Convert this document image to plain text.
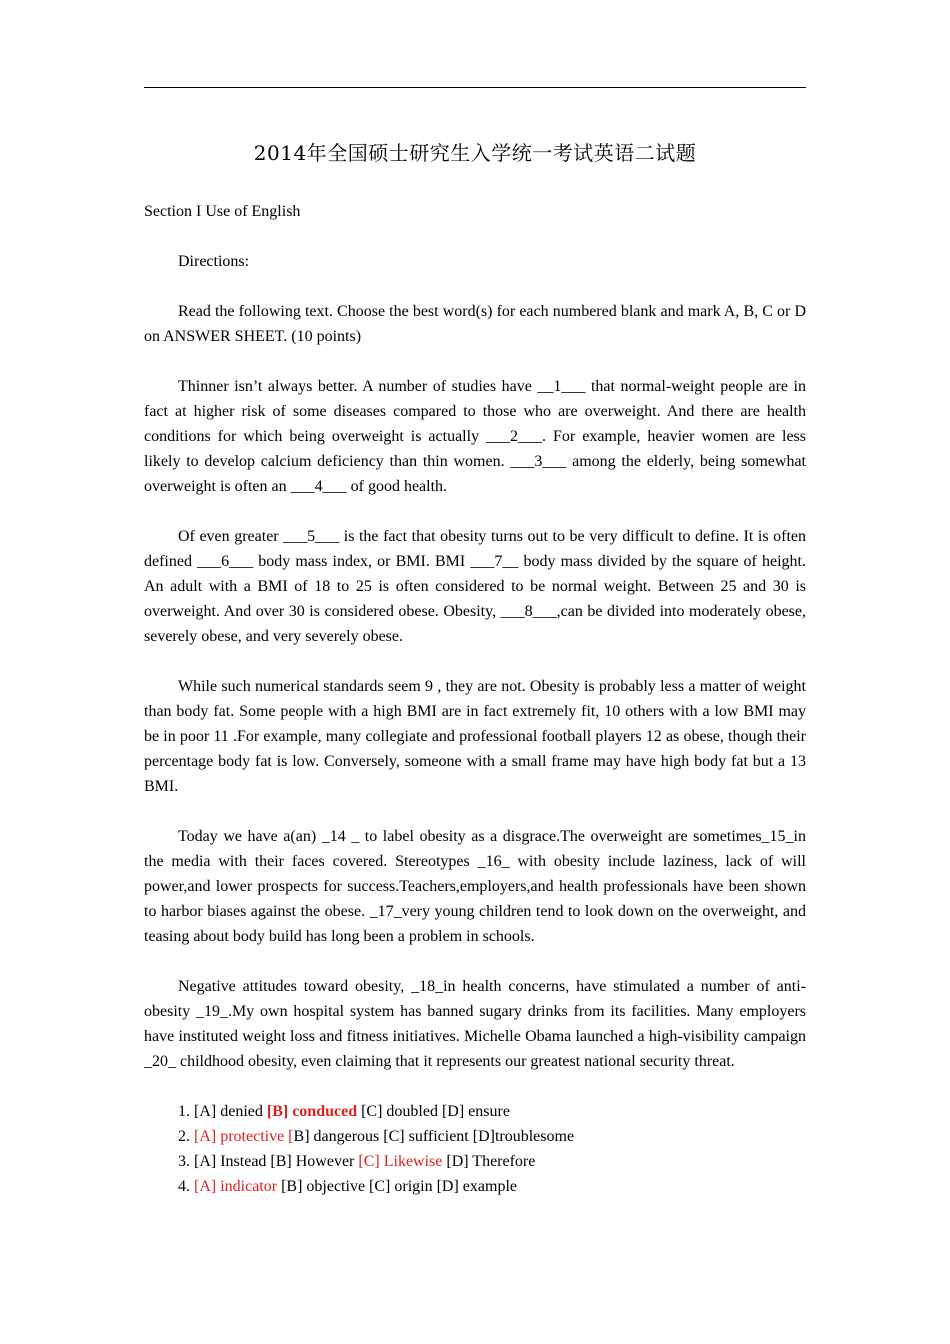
2014年全国硕士研究生入学统一考试英语二试题

Section I Use of English

Directions:

Read the following text. Choose the best word(s) for each numbered blank and mark A, B, C or D on ANSWER SHEET. (10 points)

Thinner isn’t always better. A number of studies have __1___ that normal-weight people are in fact at higher risk of some diseases compared to those who are overweight. And there are health conditions for which being overweight is actually ___2___. For example, heavier women are less likely to develop calcium deficiency than thin women. ___3___ among the elderly, being somewhat overweight is often an ___4___ of good health.

Of even greater ___5___ is the fact that obesity turns out to be very difficult to define. It is often defined ___6___ body mass index, or BMI. BMI ___7__ body mass divided by the square of height. An adult with a BMI of 18 to 25 is often considered to be normal weight. Between 25 and 30 is overweight. And over 30 is considered obese. Obesity, ___8___,can be divided into moderately obese, severely obese, and very severely obese.

While such numerical standards seem 9 , they are not. Obesity is probably less a matter of weight than body fat. Some people with a high BMI are in fact extremely fit, 10 others with a low BMI may be in poor 11 .For example, many collegiate and professional football players 12 as obese, though their percentage body fat is low. Conversely, someone with a small frame may have high body fat but a 13 BMI.

Today we have a(an) _14 _ to label obesity as a disgrace.The overweight are sometimes_15_in the media with their faces covered. Stereotypes _16_ with obesity include laziness, lack of will power,and lower prospects for success.Teachers,employers,and health professionals have been shown to harbor biases against the obese. _17_very young children tend to look down on the overweight, and teasing about body build has long been a problem in schools.

Negative attitudes toward obesity, _18_in health concerns, have stimulated a number of anti-obesity _19_.My own hospital system has banned sugary drinks from its facilities. Many employers have instituted weight loss and fitness initiatives. Michelle Obama launched a high-visibility campaign _20_ childhood obesity, even claiming that it represents our greatest national security threat.

1. [A] denied [B] conduced [C] doubled [D] ensure
2. [A] protective [B] dangerous [C] sufficient [D]troublesome
3. [A] Instead [B] However [C] Likewise [D] Therefore
4. [A] indicator [B] objective [C] origin [D] example
